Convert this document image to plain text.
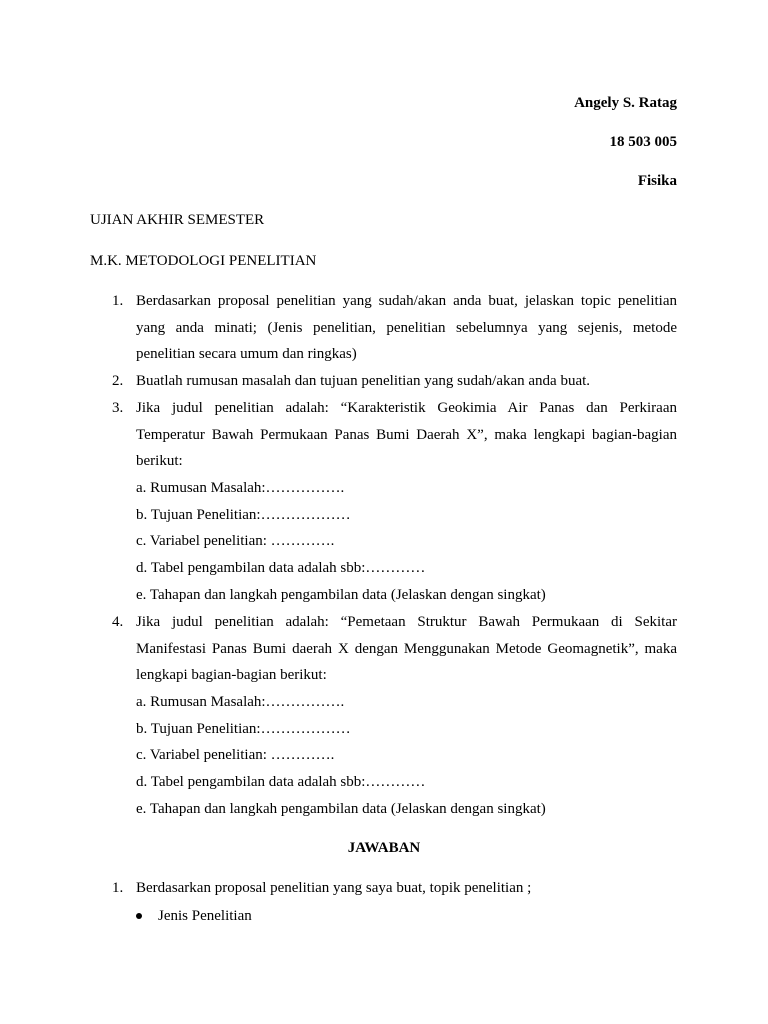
Angely S. Ratag
18 503 005
Fisika
UJIAN AKHIR SEMESTER
M.K. METODOLOGI PENELITIAN
1. Berdasarkan proposal penelitian yang sudah/akan anda buat, jelaskan topic penelitian
yang anda minati; (Jenis penelitian, penelitian sebelumnya yang sejenis, metode
penelitian secara umum dan ringkas)
2. Buatlah rumusan masalah dan tujuan penelitian yang sudah/akan anda buat.
3. Jika judul penelitian adalah: “Karakteristik Geokimia Air Panas dan Perkiraan
Temperatur Bawah Permukaan Panas Bumi Daerah X”, maka lengkapi bagian-bagian
berikut:
a. Rumusan Masalah:…………….
b. Tujuan Penelitian:………………
c. Variabel penelitian: ………….
d. Tabel pengambilan data adalah sbb:…………
e. Tahapan dan langkah pengambilan data (Jelaskan dengan singkat)
4. Jika judul penelitian adalah: “Pemetaan Struktur Bawah Permukaan di Sekitar
Manifestasi Panas Bumi daerah X dengan Menggunakan Metode Geomagnetik”, maka
lengkapi bagian-bagian berikut:
a. Rumusan Masalah:…………….
b. Tujuan Penelitian:………………
c. Variabel penelitian: ………….
d. Tabel pengambilan data adalah sbb:…………
e. Tahapan dan langkah pengambilan data (Jelaskan dengan singkat)
JAWABAN
1. Berdasarkan proposal penelitian yang saya buat, topik penelitian ;
Jenis Penelitian
